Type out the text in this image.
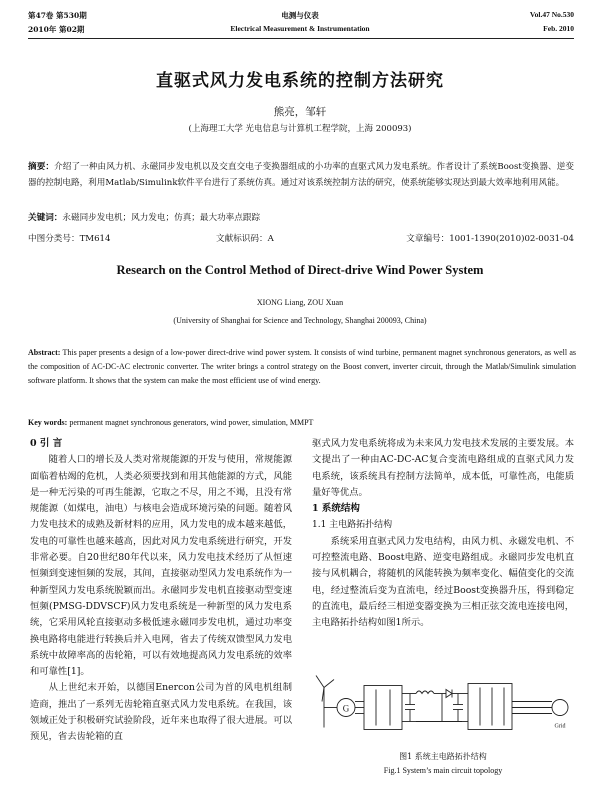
第47卷 第530期
2010年 第02期
电测与仪表
Electrical Measurement & Instrumentation
Vol.47 No.530
Feb. 2010
直驱式风力发电系统的控制方法研究
熊亮，邹轩
(上海理工大学 光电信息与计算机工程学院，上海 200093)
摘要：介绍了一种由风力机、永磁同步发电机以及交直交电子变换器组成的小功率的直驱式风力发电系统。作者设计了系统Boost变换器、逆变器的控制电路，利用Matlab/Simulink软件平台进行了系统仿真。通过对该系统控制方法的研究，使系统能够实现达到最大效率地利用风能。
关键词：永磁同步发电机；风力发电；仿真；最大功率点跟踪
中图分类号：TM614	文献标识码：A	文章编号：1001-1390(2010)02-0031-04
Research on the Control Method of Direct-drive Wind Power System
XIONG Liang, ZOU Xuan
(University of Shanghai for Science and Technology, Shanghai 200093, China)
Abstract: This paper presents a design of a low-power direct-drive wind power system. It consists of wind turbine, permanent magnet synchronous generators, as well as the composition of AC-DC-AC electronic converter. The writer brings a control strategy on the Boost convert, inverter circuit, through the Matlab/Simulink simulation software platform. It shows that the system can make the most efficient use of wind energy.
Key words: permanent magnet synchronous generators, wind power, simulation, MMPT
0 引 言

随着人口的增长及人类对常规能源的开发与使用，常规能源面临着枯竭的危机，人类必须要找到和用其他能源的方式，风能是一种无污染的可再生能源，它取之不尽，用之不竭，且没有常规能源（如煤电，油电）与核电会造成环境污染的问题。随着风力发电技术的成熟及新材料的应用，风力发电的成本越来越低，发电的可靠性也越来越高，因此对风力发电系统进行研究，开发非常必要。自20世纪80年代以来，风力发电技术经历了从恒速恒频到变速恒频的发展，其间，直接驱动型风力发电系统作为一种新型风力发电系统脱颖而出。永磁同步发电机直接驱动型变速恒频(PMSG-DDVSCF)风力发电系统是一种新型的风力发电系统，它采用风轮直接驱动多极低速永磁同步发电机，通过功率变换电路将电能进行转换后并入电网，省去了传统双馈型风力发电系统中故障率高的齿轮箱，可以有效地提高风力发电系统的效率和可靠性[1]。

从上世纪末开始，以德国Enercon公司为首的风电机组制造商，推出了一系列无齿轮箱直驱式风力发电系统。在我国，该领域正处于积极研究试验阶段，近年来也取得了很大进展。可以预见，省去齿轮箱的直

驱式风力发电系统将成为未来风力发电技术发展的主要发展。本文提出了一种由AC-DC-AC复合变流电路组成的直驱式风力发电系统，该系统具有控制方法简单，成本低，可靠性高，电能质量好等优点。

1 系统结构
1.1 主电路拓扑结构

系统采用直驱式风力发电结构，由风力机、永磁发电机、不可控整流电路、Boost电路、逆变电路组成。永磁同步发电机直接与风机耦合，将随机的风能转换为频率变化、幅值变化的交流电，经过整流后变为直流电，经过Boost变换器升压，得到稳定的直流电，最后经三相逆变器变换为三相正弦交流电连接电网，主电路拓扑结构如图1所示。

G
Grid
图1 系统主电路拓扑结构
Fig.1 System’s main circuit topology
